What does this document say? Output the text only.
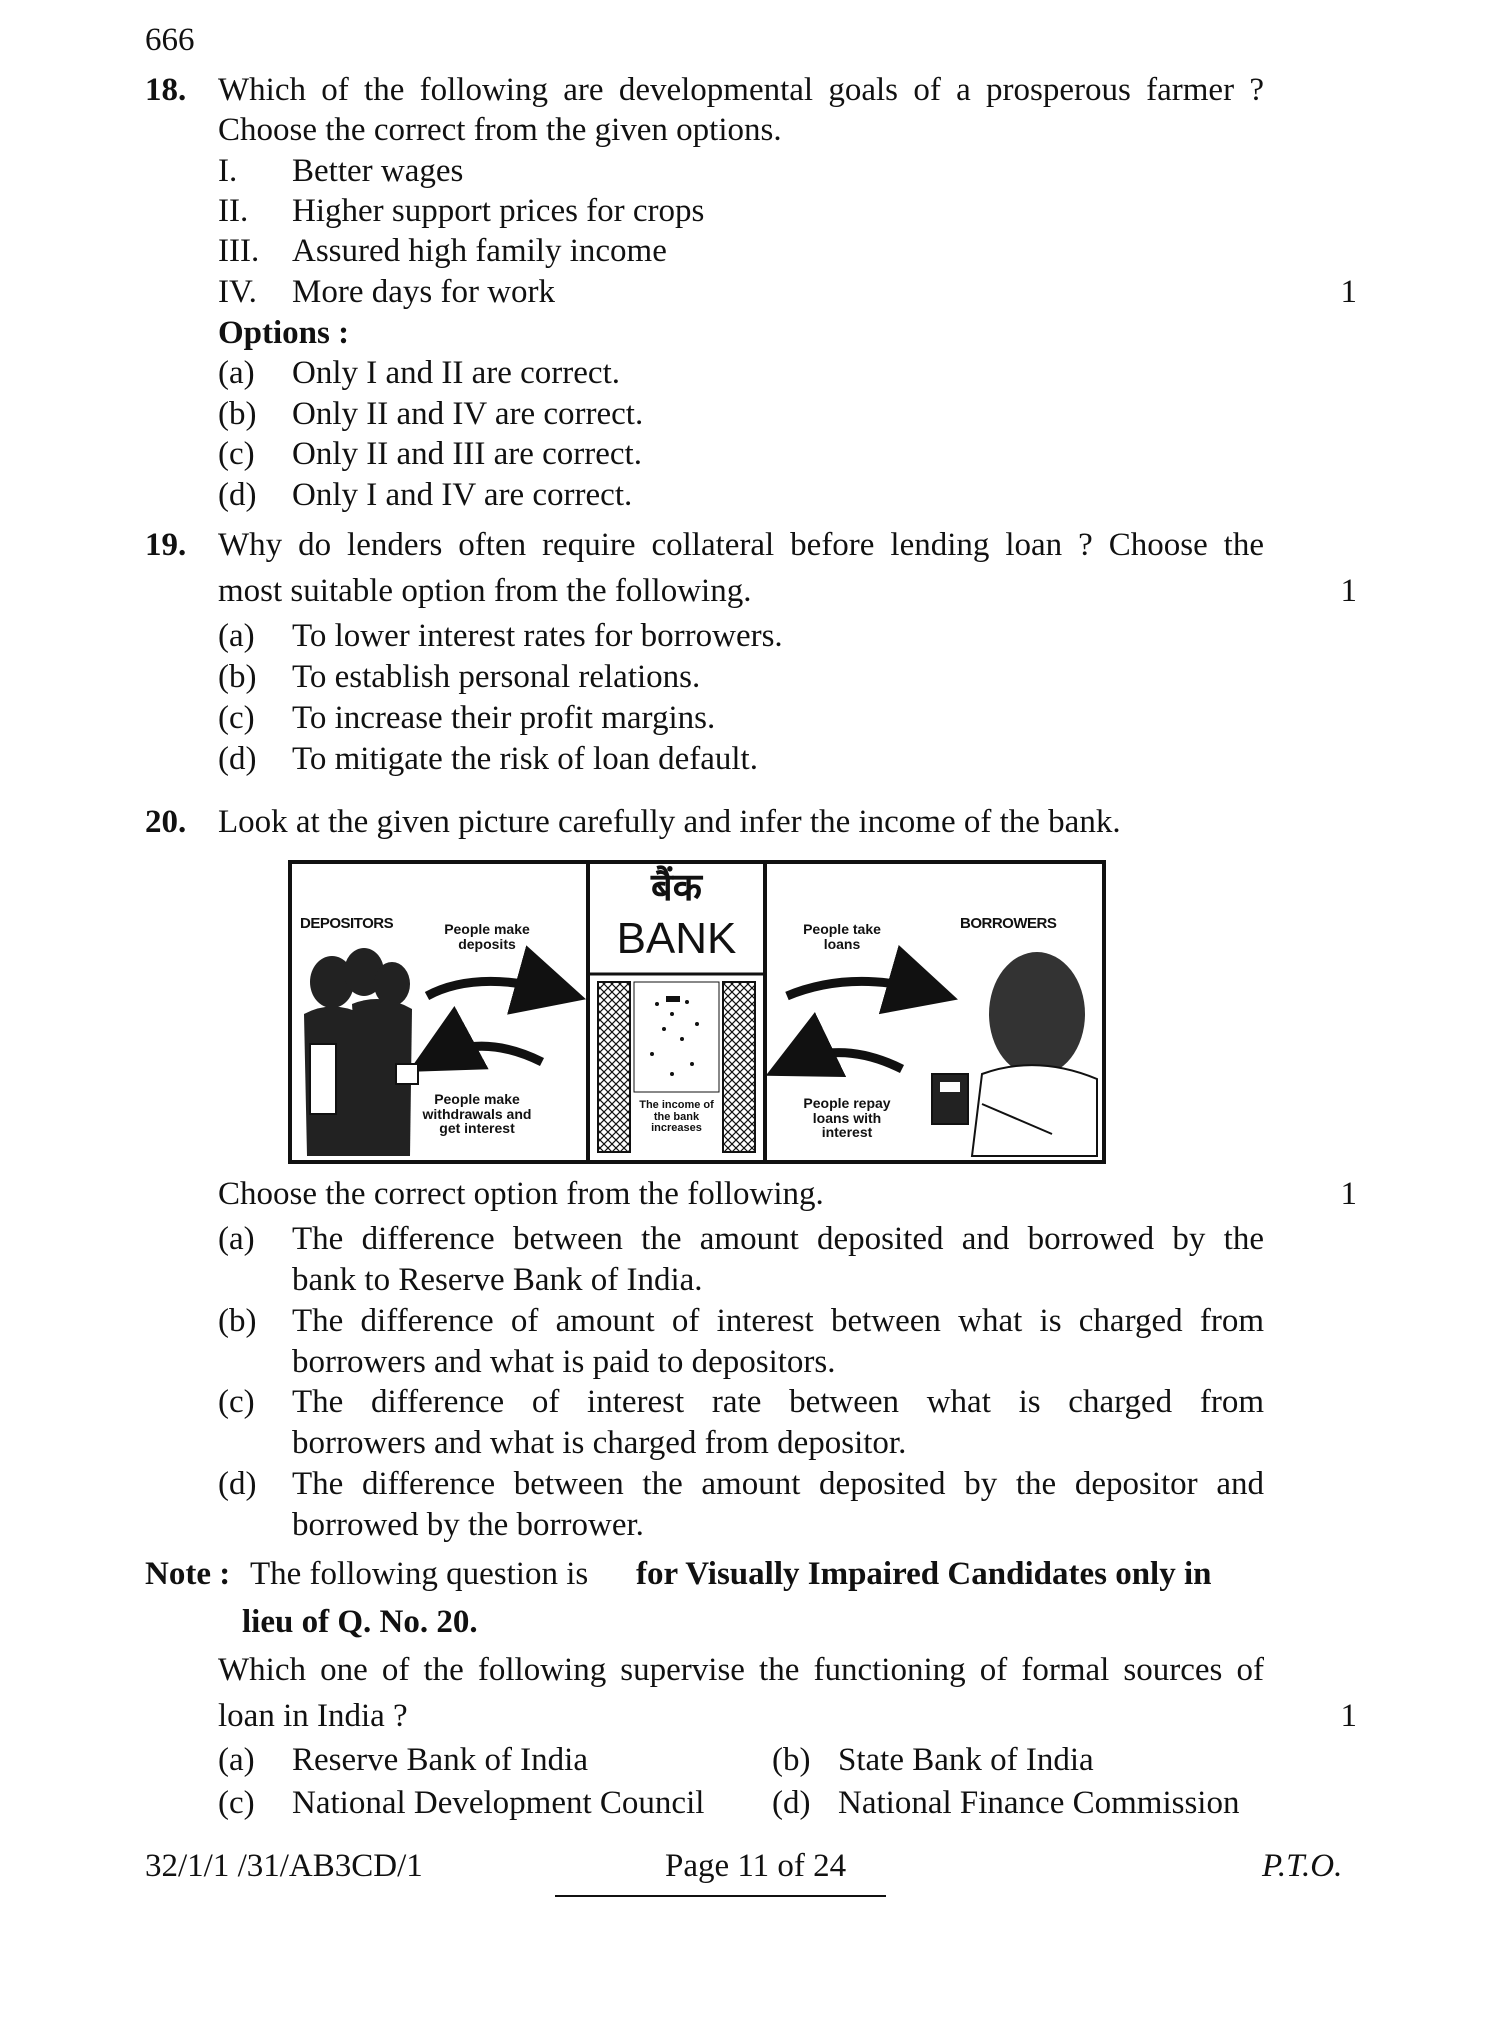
666
18. Which of the following are developmental goals of a prosperous farmer ?
Choose the correct from the given options.
I. Better wages
II. Higher support prices for crops
III. Assured high family income
IV. More days for work	1
Options :
(a) Only I and II are correct.
(b) Only II and IV are correct.
(c) Only II and III are correct.
(d) Only I and IV are correct.
19. Why do lenders often require collateral before lending loan ? Choose the
most suitable option from the following.	1
(a) To lower interest rates for borrowers.
(b) To establish personal relations.
(c) To increase their profit margins.
(d) To mitigate the risk of loan default.
20. Look at the given picture carefully and infer the income of the bank.
DEPOSITORS	People make deposits
People make withdrawals and get interest
बैंक
BANK
The income of the bank increases
People take loans
BORROWERS
People repay loans with interest
Choose the correct option from the following.	1
(a) The difference between the amount deposited and borrowed by the
bank to Reserve Bank of India.
(b) The difference of amount of interest between what is charged from
borrowers and what is paid to depositors.
(c) The difference of interest rate between what is charged from
borrowers and what is charged from depositor.
(d) The difference between the amount deposited by the depositor and
borrowed by the borrower.
Note : The following question is for Visually Impaired Candidates only in
lieu of Q. No. 20.
Which one of the following supervise the functioning of formal sources of
loan in India ?	1
(a) Reserve Bank of India	(b) State Bank of India
(c) National Development Council (d) National Finance Commission
32/1/1 /31/AB3CD/1	Page 11 of 24	P.T.O.
